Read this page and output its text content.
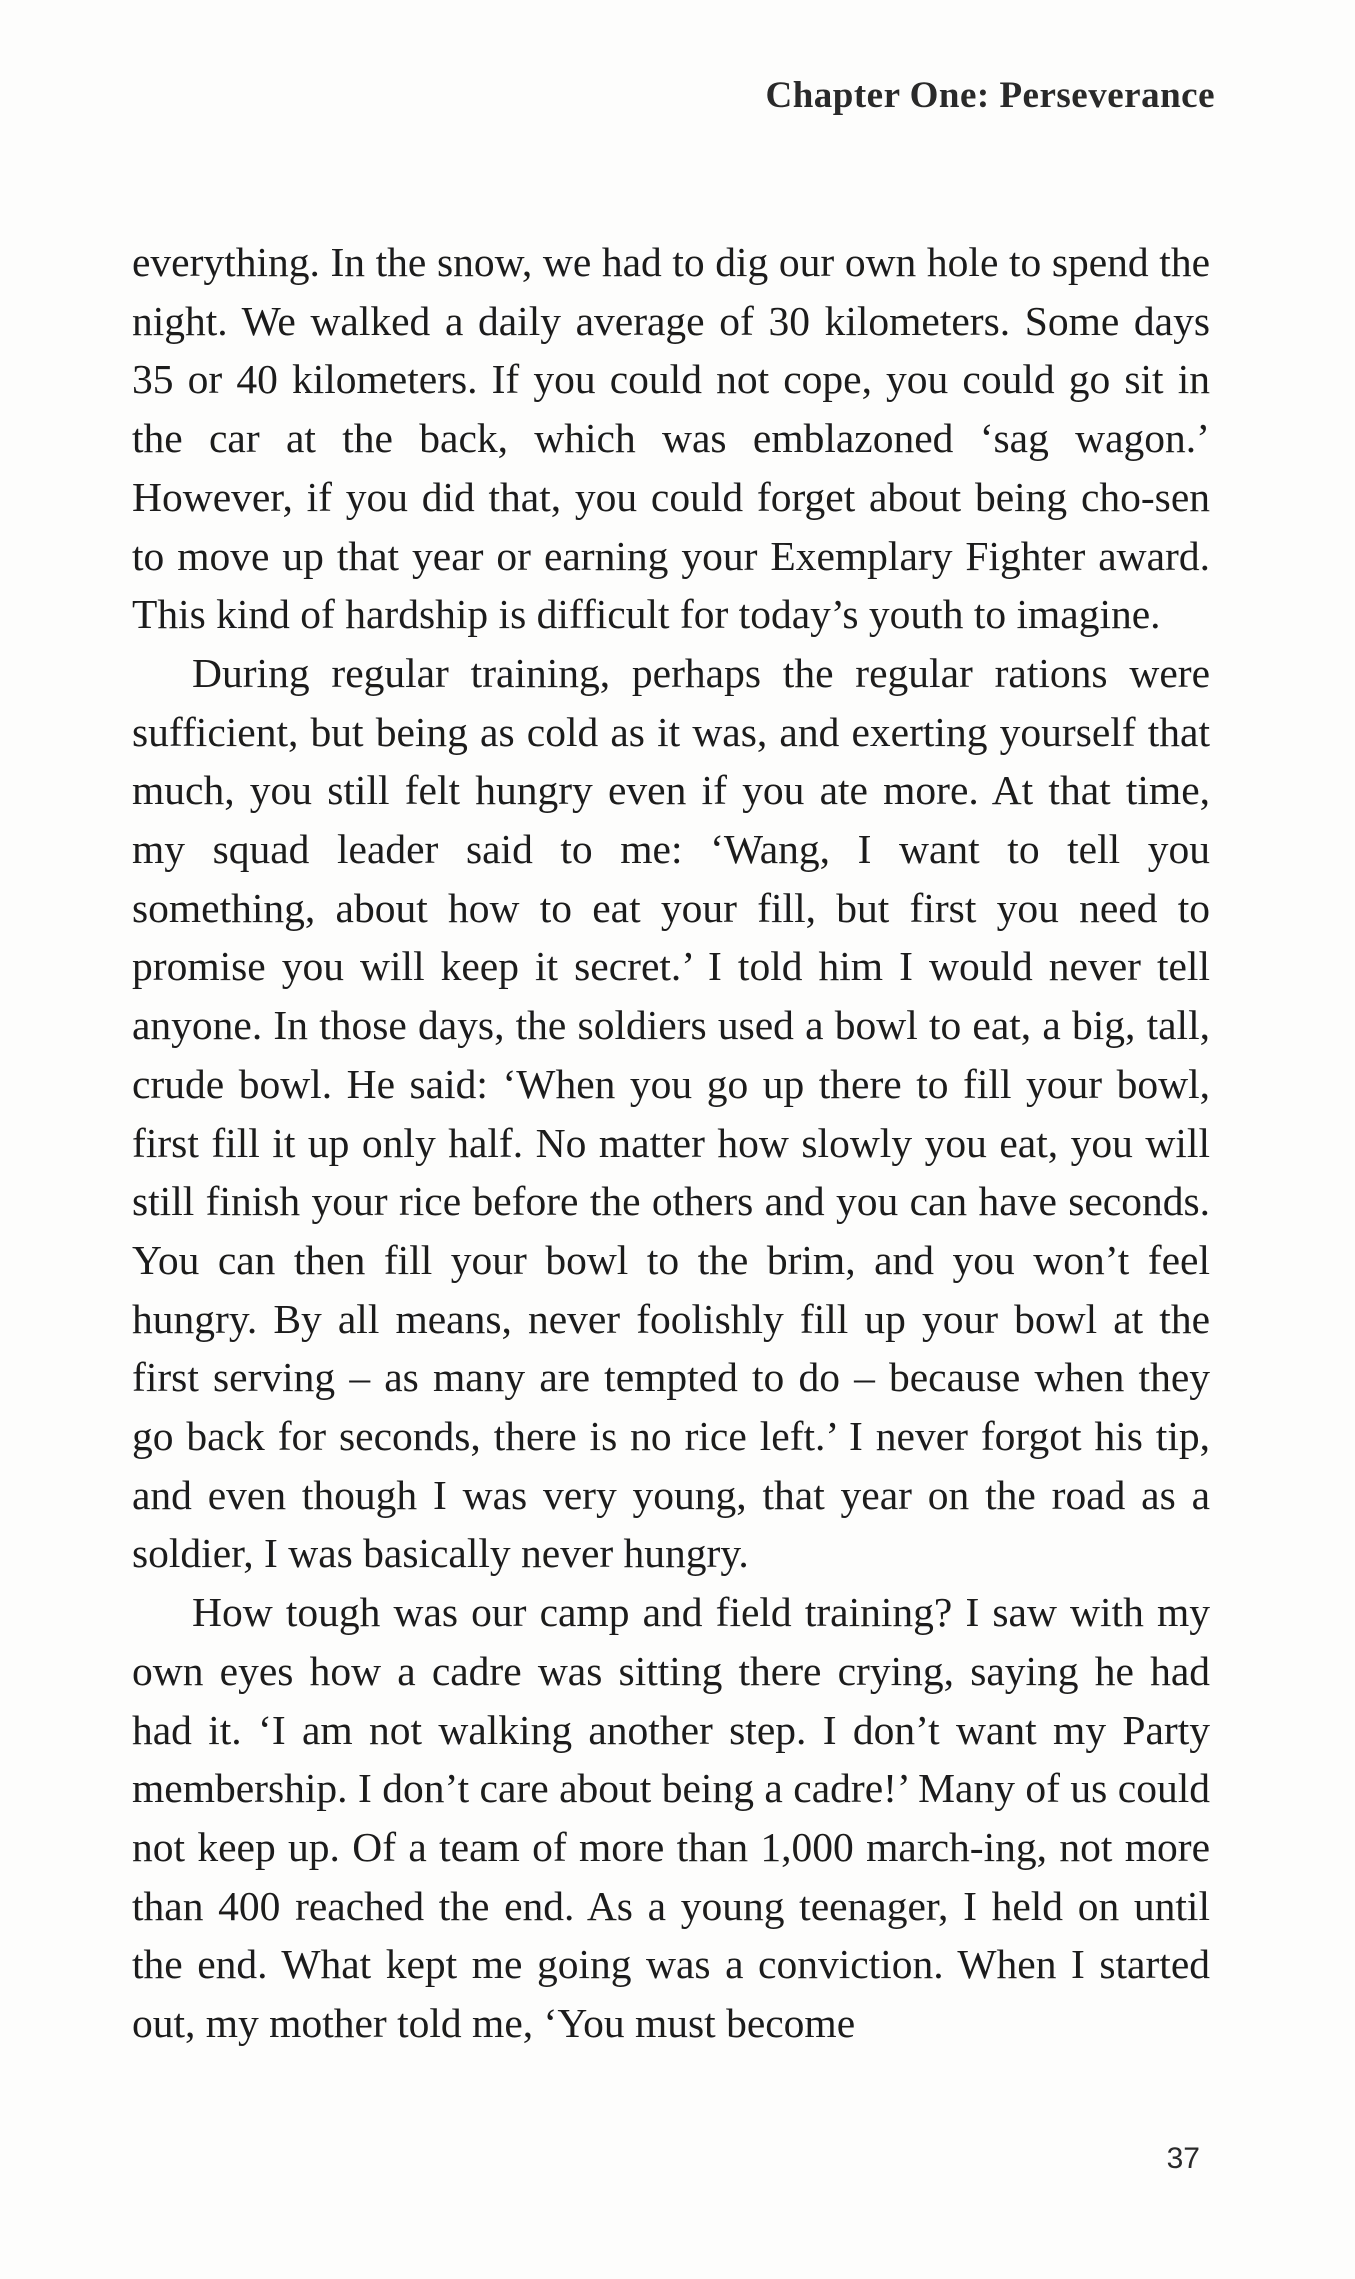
Chapter One: Perseverance

everything. In the snow, we had to dig our own hole to spend the night. We walked a daily average of 30 kilometers. Some days 35 or 40 kilometers. If you could not cope, you could go sit in the car at the back, which was emblazoned ‘sag wagon.’ However, if you did that, you could forget about being cho-sen to move up that year or earning your Exemplary Fighter award. This kind of hardship is difficult for today’s youth to imagine.

During regular training, perhaps the regular rations were sufficient, but being as cold as it was, and exerting yourself that much, you still felt hungry even if you ate more. At that time, my squad leader said to me: ‘Wang, I want to tell you something, about how to eat your fill, but first you need to promise you will keep it secret.’ I told him I would never tell anyone. In those days, the soldiers used a bowl to eat, a big, tall, crude bowl. He said: ‘When you go up there to fill your bowl, first fill it up only half. No matter how slowly you eat, you will still finish your rice before the others and you can have seconds. You can then fill your bowl to the brim, and you won’t feel hungry. By all means, never foolishly fill up your bowl at the first serving – as many are tempted to do – because when they go back for seconds, there is no rice left.’ I never forgot his tip, and even though I was very young, that year on the road as a soldier, I was basically never hungry.

How tough was our camp and field training? I saw with my own eyes how a cadre was sitting there crying, saying he had had it. ‘I am not walking another step. I don’t want my Party membership. I don’t care about being a cadre!’ Many of us could not keep up. Of a team of more than 1,000 march-ing, not more than 400 reached the end. As a young teenager, I held on until the end. What kept me going was a conviction. When I started out, my mother told me, ‘You must become

37
